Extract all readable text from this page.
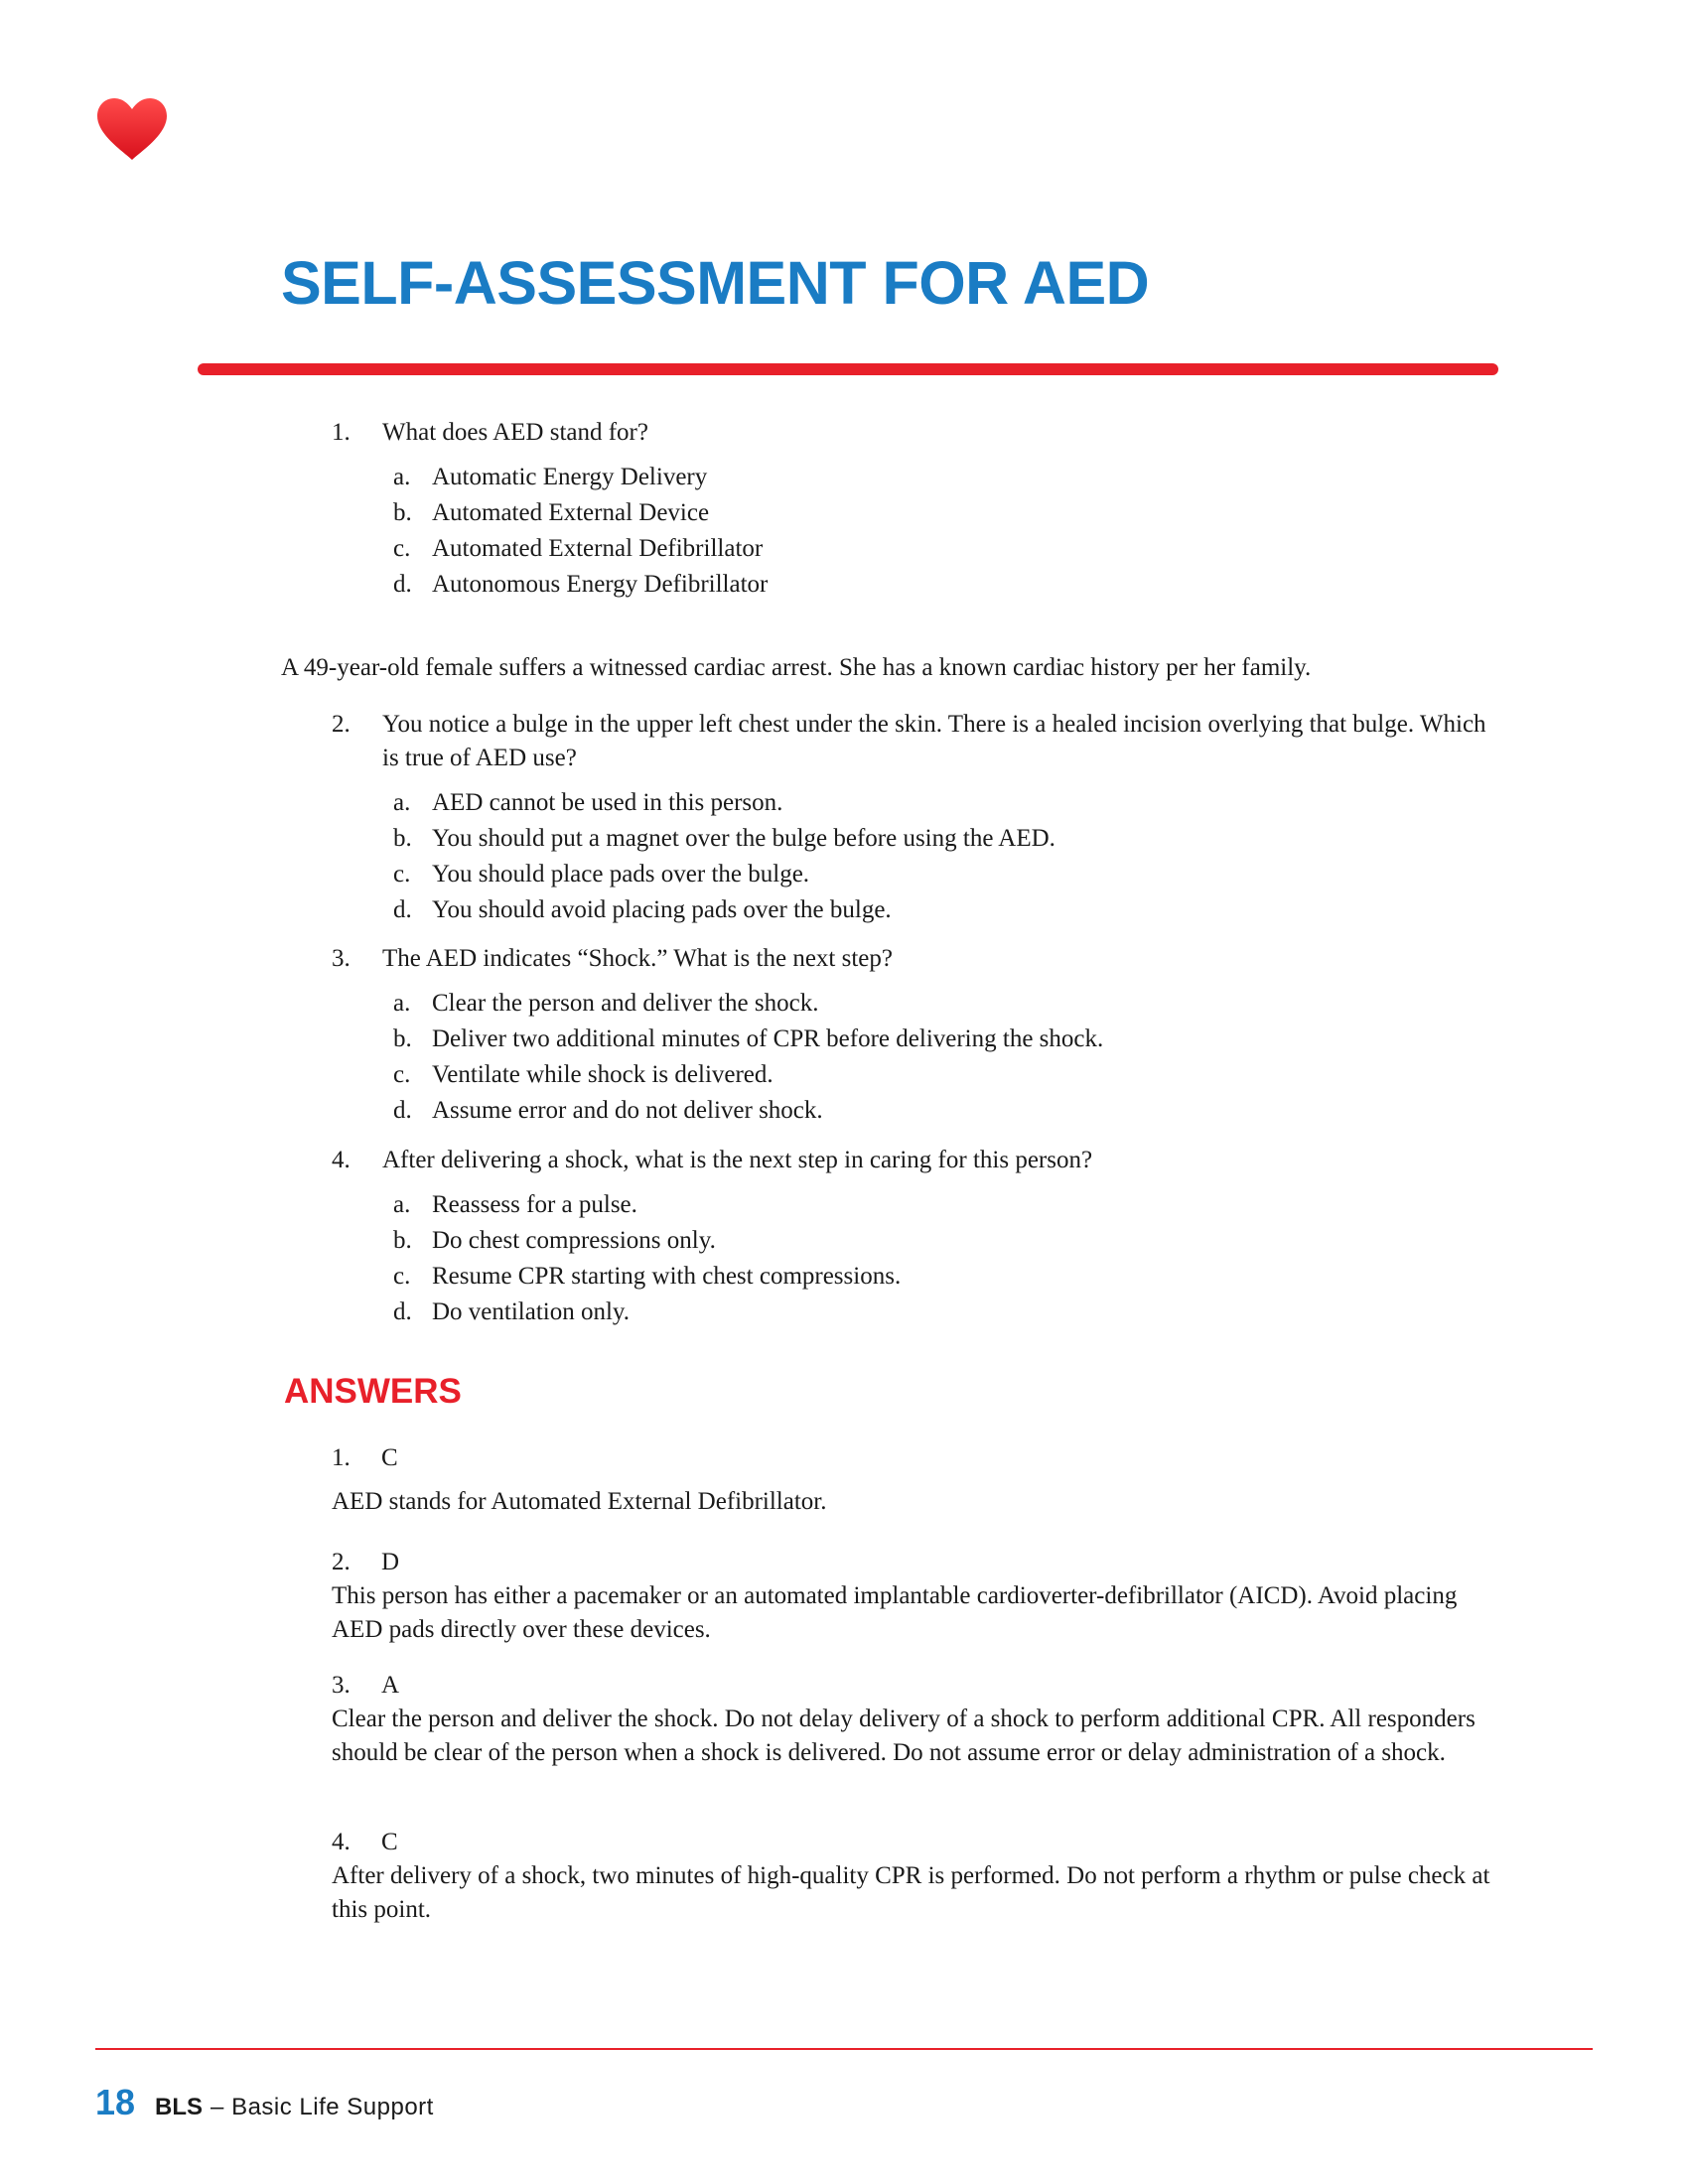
SELF-ASSESSMENT FOR AED
1.	What does AED stand for?
a. Automatic Energy Delivery
b. Automated External Device
c. Automated External Defibrillator
d. Autonomous Energy Defibrillator
A 49-year-old female suffers a witnessed cardiac arrest. She has a known cardiac history per her family.
2.	You notice a bulge in the upper left chest under the skin. There is a healed incision overlying that bulge. Which is true of AED use?
a. AED cannot be used in this person.
b. You should put a magnet over the bulge before using the AED.
c. You should place pads over the bulge.
d. You should avoid placing pads over the bulge.
3.	The AED indicates “Shock.” What is the next step?
a. Clear the person and deliver the shock.
b. Deliver two additional minutes of CPR before delivering the shock.
c. Ventilate while shock is delivered.
d. Assume error and do not deliver shock.
4.	After delivering a shock, what is the next step in caring for this person?
a. Reassess for a pulse.
b. Do chest compressions only.
c. Resume CPR starting with chest compressions.
d. Do ventilation only.
ANSWERS
1. C
AED stands for Automated External Defibrillator.
2. D
This person has either a pacemaker or an automated implantable cardioverter-defibrillator (AICD). Avoid placing AED pads directly over these devices.
3. A
Clear the person and deliver the shock. Do not delay delivery of a shock to perform additional CPR. All responders should be clear of the person when a shock is delivered. Do not assume error or delay administration of a shock.
4. C
After delivery of a shock, two minutes of high-quality CPR is performed. Do not perform a rhythm or pulse check at this point.
18 BLS – Basic Life Support
